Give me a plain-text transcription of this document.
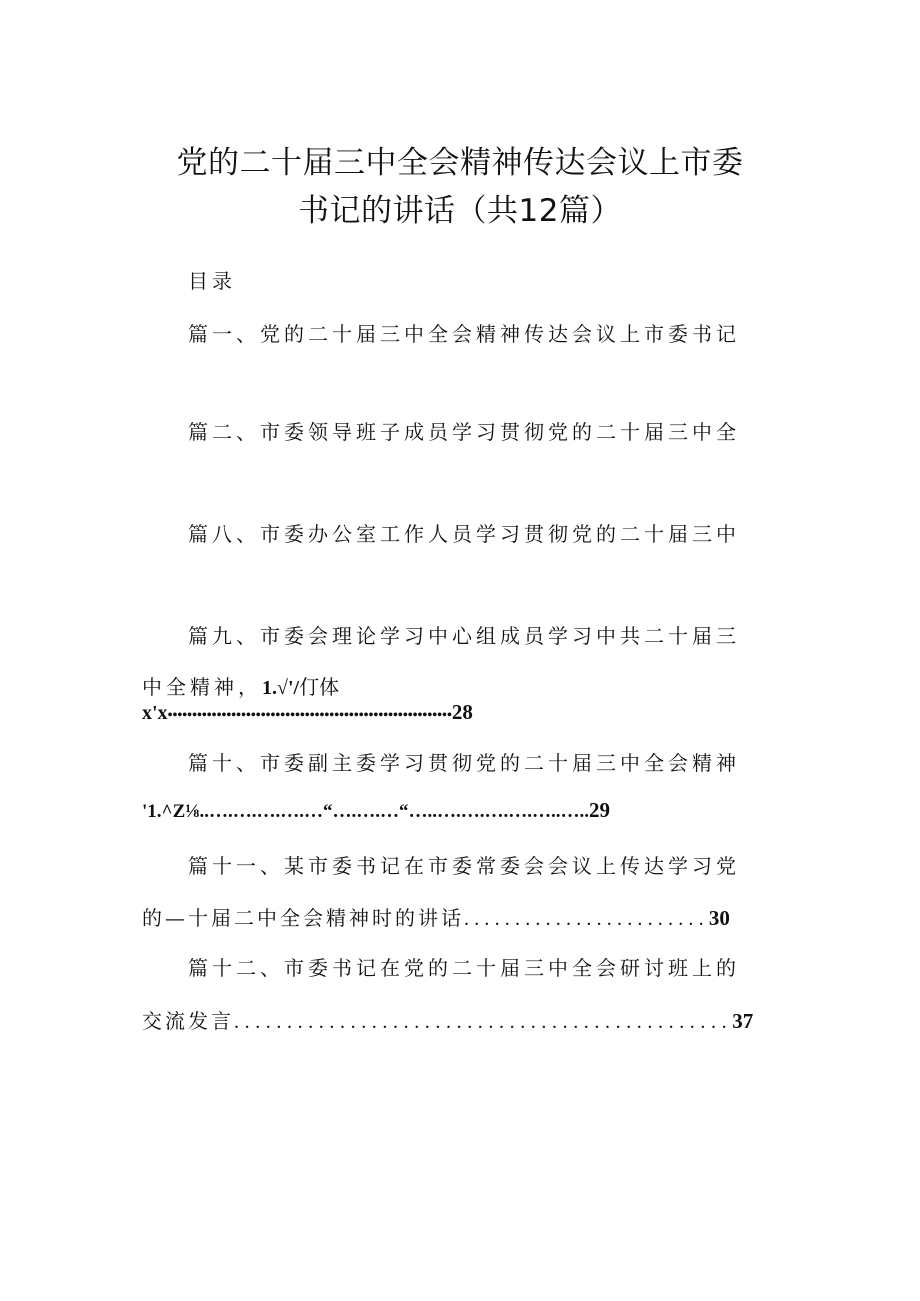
党的二十届三中全会精神传达会议上市委
书记的讲话（共12篇）
目录
篇一、党的二十届三中全会精神传达会议上市委书记
篇二、市委领导班子成员学习贯彻党的二十届三中全
篇八、市委办公室工作人员学习贯彻党的二十届三中
篇九、市委会理论学习中心组成员学习中共二十届三
中全精神，1.√'/仃体
x'x••••••••••••••••••••••••••••••••••••••••••••••••••••••••••28
篇十、市委副主委学习贯彻党的二十届三中全会精神
'1.^Z⅛..….….….….…“….….…“…..….….….….…..…..29
篇十一、某市委书记在市委常委会会议上传达学习党
的—十届二中全会精神时的讲话........................30
篇十二、市委书记在党的二十届三中全会研讨班上的
交流发言...............................................37
